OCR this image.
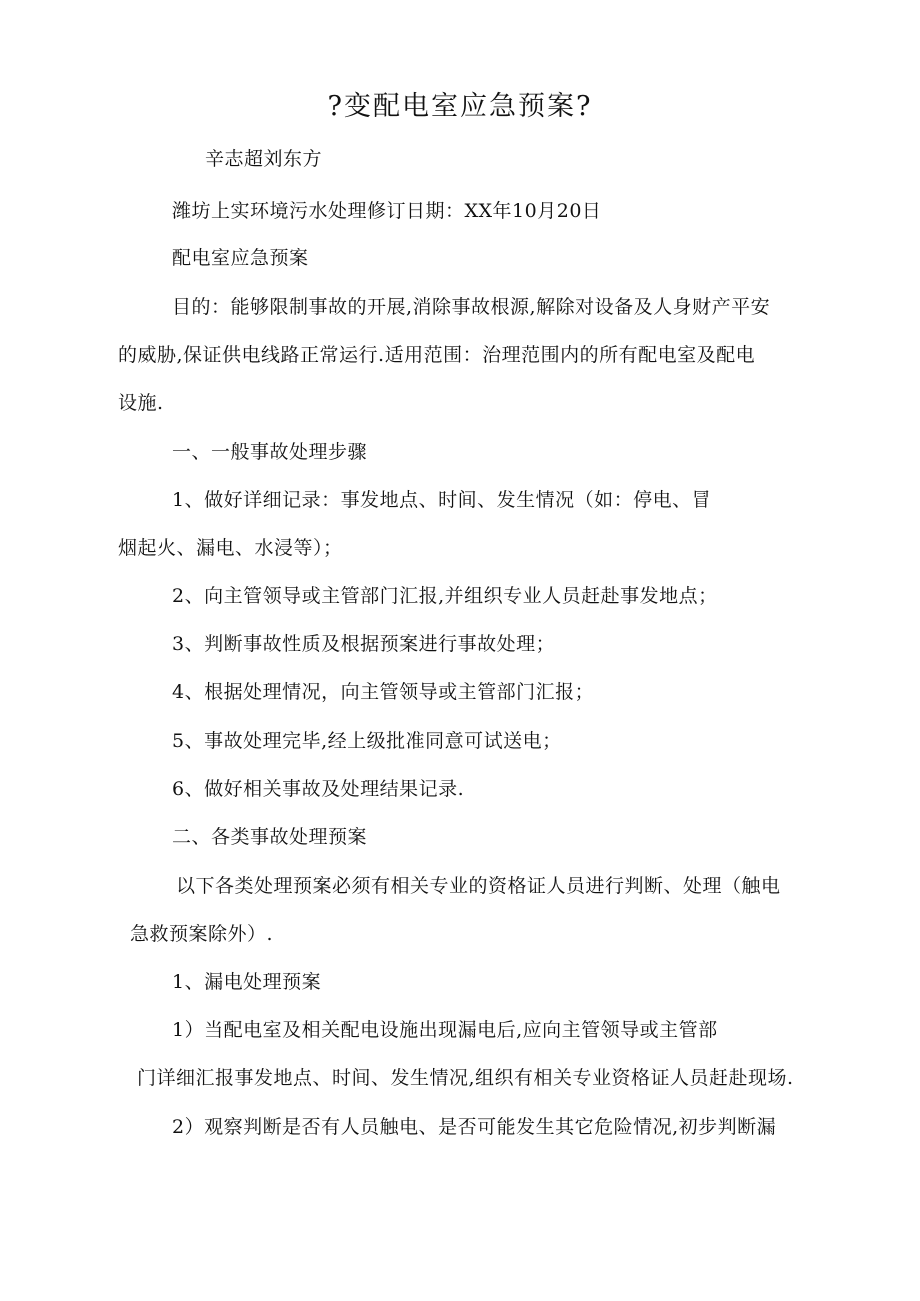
?变配电室应急预案?
辛志超刘东方
潍坊上实环境污水处理修订日期：XX年10月20日
配电室应急预案
目的：能够限制事故的开展,消除事故根源,解除对设备及人身财产平安
的威胁,保证供电线路正常运行.适用范围：治理范围内的所有配电室及配电
设施.
一、一般事故处理步骤
1、做好详细记录：事发地点、时间、发生情况（如：停电、冒
烟起火、漏电、水浸等）；
2、向主管领导或主管部门汇报,并组织专业人员赶赴事发地点；
3、判断事故性质及根据预案进行事故处理；
4、根据处理情况，向主管领导或主管部门汇报；
5、事故处理完毕,经上级批准同意可试送电；
6、做好相关事故及处理结果记录.
二、各类事故处理预案
以下各类处理预案必须有相关专业的资格证人员进行判断、处理（触电
急救预案除外）.
1、漏电处理预案
1）当配电室及相关配电设施出现漏电后,应向主管领导或主管部
门详细汇报事发地点、时间、发生情况,组织有相关专业资格证人员赶赴现场.
2）观察判断是否有人员触电、是否可能发生其它危险情况,初步判断漏
